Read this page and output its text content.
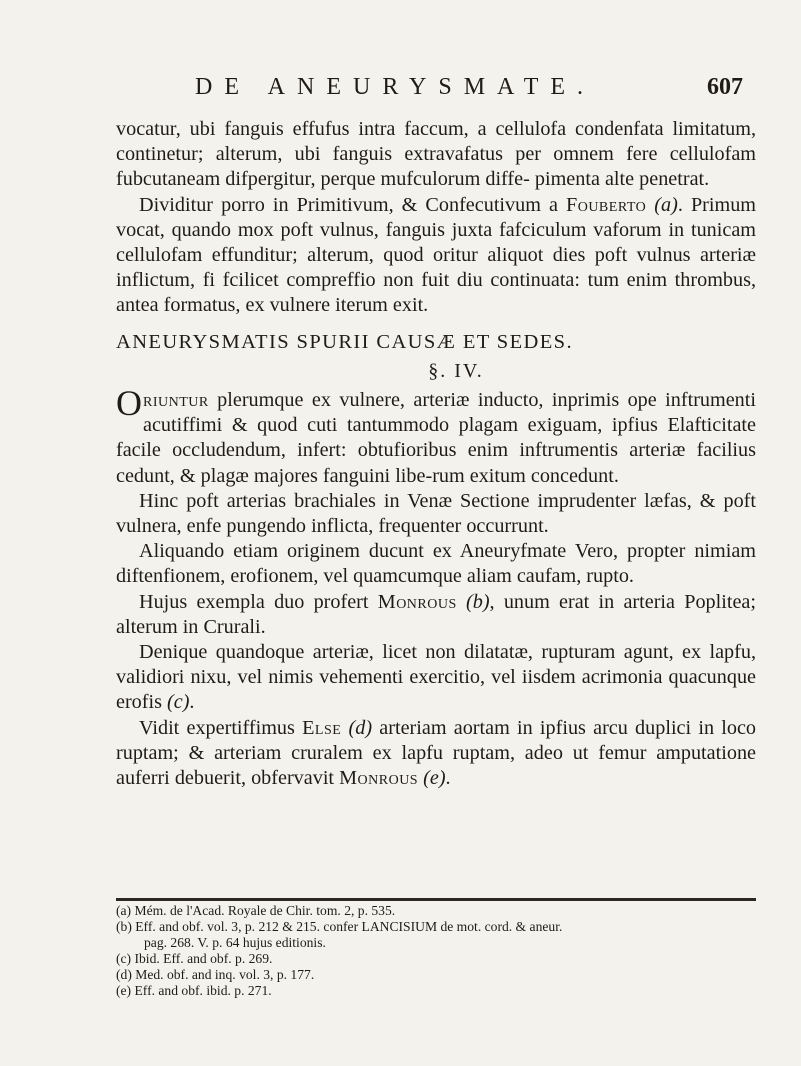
DE ANEURYSMATE.	607

vocatur, ubi fanguis effufus intra faccum, a cellulofa condenfata limitatum, continetur; alterum, ubi fanguis extravafatus per omnem fere cellulofam fubcutaneam difpergitur, perque mufculorum diffe- pimenta alte penetrat.

Dividitur porro in Primitivum, & Confecutivum a Fouberto (a). Primum vocat, quando mox poft vulnus, fanguis juxta fafciculum vaforum in tunicam cellulofam effunditur; alterum, quod oritur aliquot dies poft vulnus arteriæ inflictum, fi fcilicet compreffio non fuit diu continuata: tum enim thrombus, antea formatus, ex vulnere iterum exit.

ANEURYSMATIS SPURII CAUSÆ ET SEDES.
§. IV.

Oriuntur plerumque ex vulnere, arteriæ inducto, inprimis ope inftrumenti acutiffimi & quod cuti tantummodo plagam exiguam, ipfius Elafticitate facile occludendum, infert: obtufioribus enim inftrumentis arteriæ facilius cedunt, & plagæ majores fanguini libe-rum exitum concedunt.

Hinc poft arterias brachiales in Venæ Sectione imprudenter læfas, & poft vulnera, enfe pungendo inflicta, frequenter occurrunt.

Aliquando etiam originem ducunt ex Aneuryfmate Vero, propter nimiam diftenfionem, erofionem, vel quamcumque aliam caufam, rupto.

Hujus exempla duo profert Monrous (b), unum erat in arteria Poplitea; alterum in Crurali.

Denique quandoque arteriæ, licet non dilatatæ, rupturam agunt, ex lapfu, validiori nixu, vel nimis vehementi exercitio, vel iisdem acrimonia quacunque erofis (c).

Vidit expertiffimus Else (d) arteriam aortam in ipfius arcu duplici in loco ruptam; & arteriam cruralem ex lapfu ruptam, adeo ut femur amputatione auferri debuerit, obfervavit Monrous (e).

(a) Mém. de l'Acad. Royale de Chir. tom. 2, p. 535.

(b) Eff. and obf. vol. 3, p. 212 & 215. confer LANCISIUM de mot. cord. & aneur.

pag. 268. V. p. 64 hujus editionis.

(c) Ibid. Eff. and obf. p. 269.

(d) Med. obf. and inq. vol. 3, p. 177.

(e) Eff. and obf. ibid. p. 271.
